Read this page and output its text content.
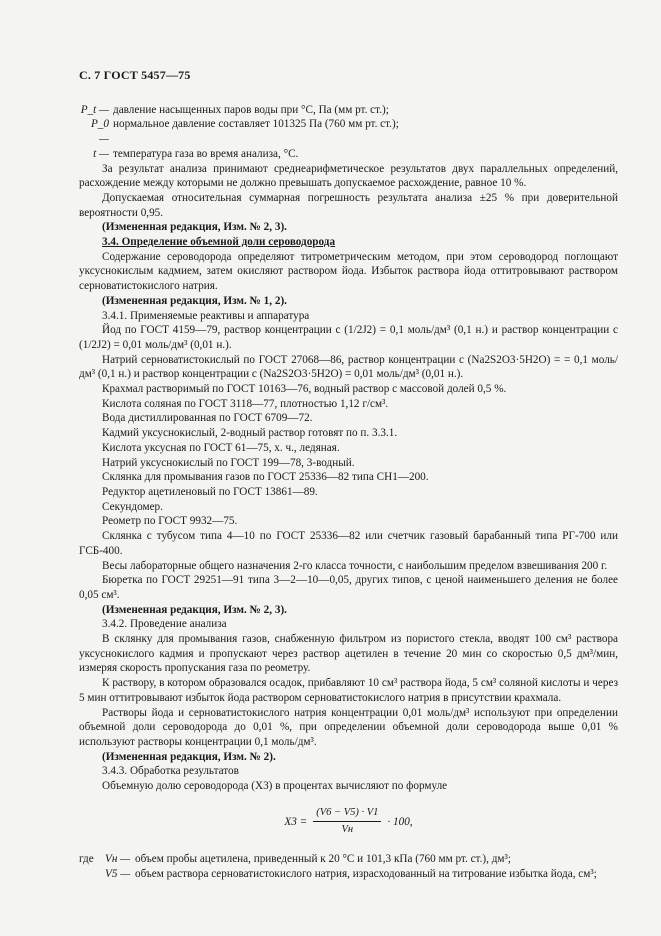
С. 7 ГОСТ 5457—75
P_t — давление насыщенных паров воды при °C, Па (мм рт. ст.);
P_0 —
нормальное давление составляет 101325 Па (760 мм рт. ст.);
t — температура газа во время анализа, °C.

За результат анализа принимают среднеарифметическое результатов двух параллельных определений, расхождение между которыми не должно превышать допускаемое расхождение, равное 10 %.

Допускаемая относительная суммарная погрешность результата анализа ±25 % при доверительной вероятности 0,95.

(Измененная редакция, Изм. № 2, 3).

3.4. Определение объемной доли сероводорода

Содержание сероводорода определяют титрометрическим методом, при этом сероводород поглощают уксуснокислым кадмием, затем окисляют раствором йода. Избыток раствора йода оттитровывают раствором серноватистокислого натрия.

(Измененная редакция, Изм. № 1, 2).

3.4.1. Применяемые реактивы и аппаратура

Йод по ГОСТ 4159—79, раствор концентрации c (1/2J2) = 0,1 моль/дм³ (0,1 н.) и раствор концентрации c (1/2J2) = 0,01 моль/дм³ (0,01 н.).

Натрий серноватистокислый по ГОСТ 27068—86, раствор концентрации c (Na2S2O3·5H2O) = = 0,1 моль/дм³ (0,1 н.) и раствор концентрации c (Na2S2O3·5H2O) = 0,01 моль/дм³ (0,01 н.).

Крахмал растворимый по ГОСТ 10163—76, водный раствор с массовой долей 0,5 %.

Кислота соляная по ГОСТ 3118—77, плотностью 1,12 г/см³.

Вода дистиллированная по ГОСТ 6709—72.

Кадмий уксуснокислый, 2-водный раствор готовят по п. 3.3.1.

Кислота уксусная по ГОСТ 61—75, х. ч., ледяная.

Натрий уксуснокислый по ГОСТ 199—78, 3-водный.

Склянка для промывания газов по ГОСТ 25336—82 типа СН1—200.

Редуктор ацетиленовый по ГОСТ 13861—89.

Секундомер.

Реометр по ГОСТ 9932—75.

Склянка с тубусом типа 4—10 по ГОСТ 25336—82 или счетчик газовый барабанный типа РГ-700 или ГСБ-400.

Весы лабораторные общего назначения 2-го класса точности, с наибольшим пределом взвешивания 200 г.

Бюретка по ГОСТ 29251—91 типа 3—2—10—0,05, других типов, с ценой наименьшего деления не более 0,05 см³.

(Измененная редакция, Изм. № 2, 3).

3.4.2. Проведение анализа

В склянку для промывания газов, снабженную фильтром из пористого стекла, вводят 100 см³ раствора уксуснокислого кадмия и пропускают через раствор ацетилен в течение 20 мин со скоростью 0,5 дм³/мин, измеряя скорость пропускания газа по реометру.

К раствору, в котором образовался осадок, прибавляют 10 см³ раствора йода, 5 см³ соляной кислоты и через 5 мин оттитровывают избыток йода раствором серноватистокислого натрия в присутствии крахмала.

Растворы йода и серноватистокислого натрия концентрации 0,01 моль/дм³ используют при определении объемной доли сероводорода до 0,01 %, при определении объемной доли сероводорода выше 0,01 % используют растворы концентрации 0,1 моль/дм³.

(Измененная редакция, Изм. № 2).

3.4.3. Обработка результатов

Объемную долю сероводорода (X3) в процентах вычисляют по формуле

$X3 = \frac{(V6 - V5) \cdot V1}{Vн} \cdot 100$,
где	Vн — объем пробы ацетилена, приведенный к 20 °C и 101,3 кПа (760 мм рт. ст.), дм³;
V5 — объем раствора серноватистокислого натрия, израсходованный на титрование избытка йода, см³;
